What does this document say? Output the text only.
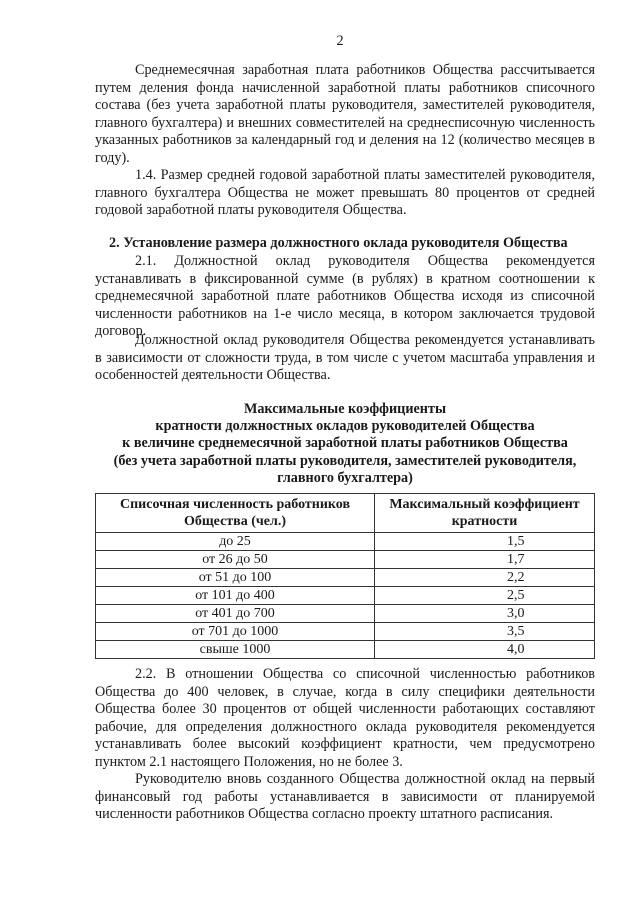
2

Среднемесячная заработная плата работников Общества рассчитывается путем деления фонда начисленной заработной платы работников списочного состава (без учета заработной платы руководителя, заместителей руководителя, главного бухгалтера) и внешних совместителей на среднесписочную численность указанных работников за календарный год и деления на 12 (количество месяцев в году).

1.4. Размер средней годовой заработной платы заместителей руководителя, главного бухгалтера Общества не может превышать 80 процентов от средней годовой заработной платы руководителя Общества.

2. Установление размера должностного оклада руководителя Общества

2.1. Должностной оклад руководителя Общества рекомендуется устанавливать в фиксированной сумме (в рублях) в кратном соотношении к среднемесячной заработной плате работников Общества исходя из списочной численности работников на 1-е число месяца, в котором заключается трудовой договор.

Должностной оклад руководителя Общества рекомендуется устанавливать в зависимости от сложности труда, в том числе с учетом масштаба управления и особенностей деятельности Общества.

Максимальные коэффициенты
кратности должностных окладов руководителей Общества
к величине среднемесячной заработной платы работников Общества
(без учета заработной платы руководителя, заместителей руководителя,
главного бухгалтера)
Списочная численность работников Общества (чел.)	Максимальный коэффициент кратности
до 25	1,5
от 26 до 50	1,7
от 51 до 100	2,2
от 101 до 400	2,5
от 401 до 700	3,0
от 701 до 1000	3,5
свыше 1000	4,0

2.2. В отношении Общества со списочной численностью работников Общества до 400 человек, в случае, когда в силу специфики деятельности Общества более 30 процентов от общей численности работающих составляют рабочие, для определения должностного оклада руководителя рекомендуется устанавливать более высокий коэффициент кратности, чем предусмотрено пунктом 2.1 настоящего Положения, но не более 3.

Руководителю вновь созданного Общества должностной оклад на первый финансовый год работы устанавливается в зависимости от планируемой численности работников Общества согласно проекту штатного расписания.
